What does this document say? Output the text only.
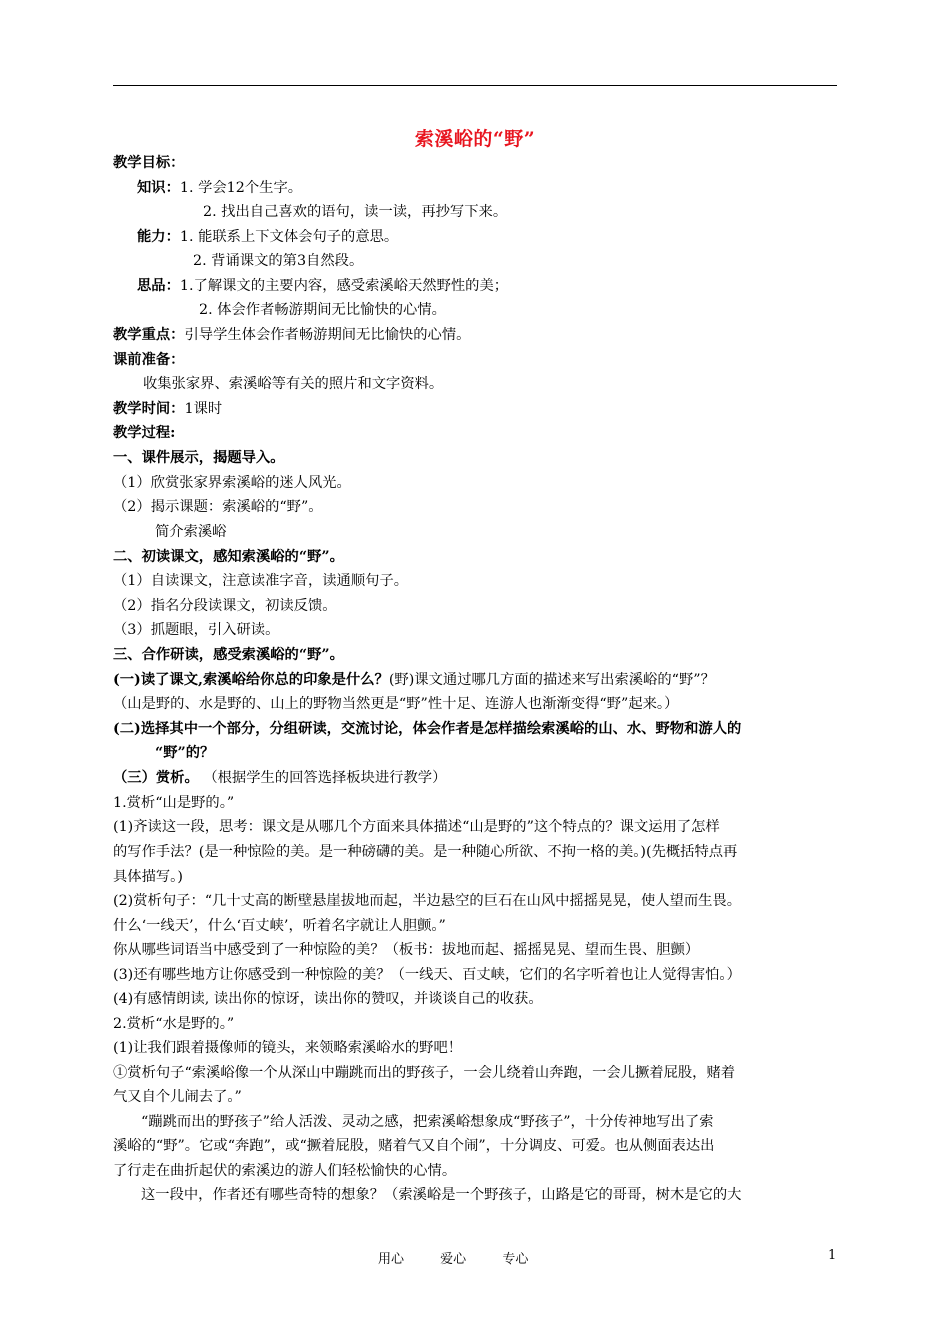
索溪峪的“野”
教学目标：
知识：1. 学会12个生字。
2. 找出自己喜欢的语句，读一读，再抄写下来。
能力：1. 能联系上下文体会句子的意思。
2. 背诵课文的第3自然段。
思品：1.了解课文的主要内容，感受索溪峪天然野性的美；
2. 体会作者畅游期间无比愉快的心情。
教学重点：引导学生体会作者畅游期间无比愉快的心情。
课前准备：
收集张家界、索溪峪等有关的照片和文字资料。
教学时间：1课时
教学过程:
一、课件展示，揭题导入。
（1）欣赏张家界索溪峪的迷人风光。
（2）揭示课题：索溪峪的“野”。
简介索溪峪
二、初读课文，感知索溪峪的“野”。
（1）自读课文，注意读准字音，读通顺句子。
（2）指名分段读课文，初读反馈。
（3）抓题眼，引入研读。
三、合作研读，感受索溪峪的“野”。
(一)读了课文,索溪峪给你总的印象是什么？(野)课文通过哪几方面的描述来写出索溪峪的“野”？
（山是野的、水是野的、山上的野物当然更是“野”性十足、连游人也渐渐变得“野”起来。）
(二)选择其中一个部分，分组研读，交流讨论，体会作者是怎样描绘索溪峪的山、水、野物和游人的
“野”的？
（三）赏析。 （根据学生的回答选择板块进行教学）
1.赏析“山是野的。”
(1)齐读这一段，思考：课文是从哪几个方面来具体描述“山是野的”这个特点的？课文运用了怎样
的写作手法？(是一种惊险的美。是一种磅礴的美。是一种随心所欲、不拘一格的美。)(先概括特点再
具体描写。)
(2)赏析句子：“几十丈高的断壁悬崖拔地而起，半边悬空的巨石在山风中摇摇晃晃，使人望而生畏。
什么‘一线天’，什么‘百丈峡’，听着名字就让人胆颤。”
你从哪些词语当中感受到了一种惊险的美？（板书：拔地而起、摇摇晃晃、望而生畏、胆颤）
(3)还有哪些地方让你感受到一种惊险的美？（一线天、百丈峡，它们的名字听着也让人觉得害怕。）
(4)有感情朗读, 读出你的惊讶，读出你的赞叹，并谈谈自己的收获。
2.赏析“水是野的。”
(1)让我们跟着摄像师的镜头，来领略索溪峪水的野吧！
①赏析句子“索溪峪像一个从深山中蹦跳而出的野孩子，一会儿绕着山奔跑，一会儿撅着屁股，赌着
气又自个儿闹去了。”
“蹦跳而出的野孩子”给人活泼、灵动之感，把索溪峪想象成“野孩子”，十分传神地写出了索
溪峪的“野”。它或“奔跑”，或“撅着屁股，赌着气又自个闹”，十分调皮、可爱。也从侧面表达出
了行走在曲折起伏的索溪边的游人们轻松愉快的心情。
这一段中，作者还有哪些奇特的想象？（索溪峪是一个野孩子，山路是它的哥哥，树木是它的大
用心	爱心	专心	1
